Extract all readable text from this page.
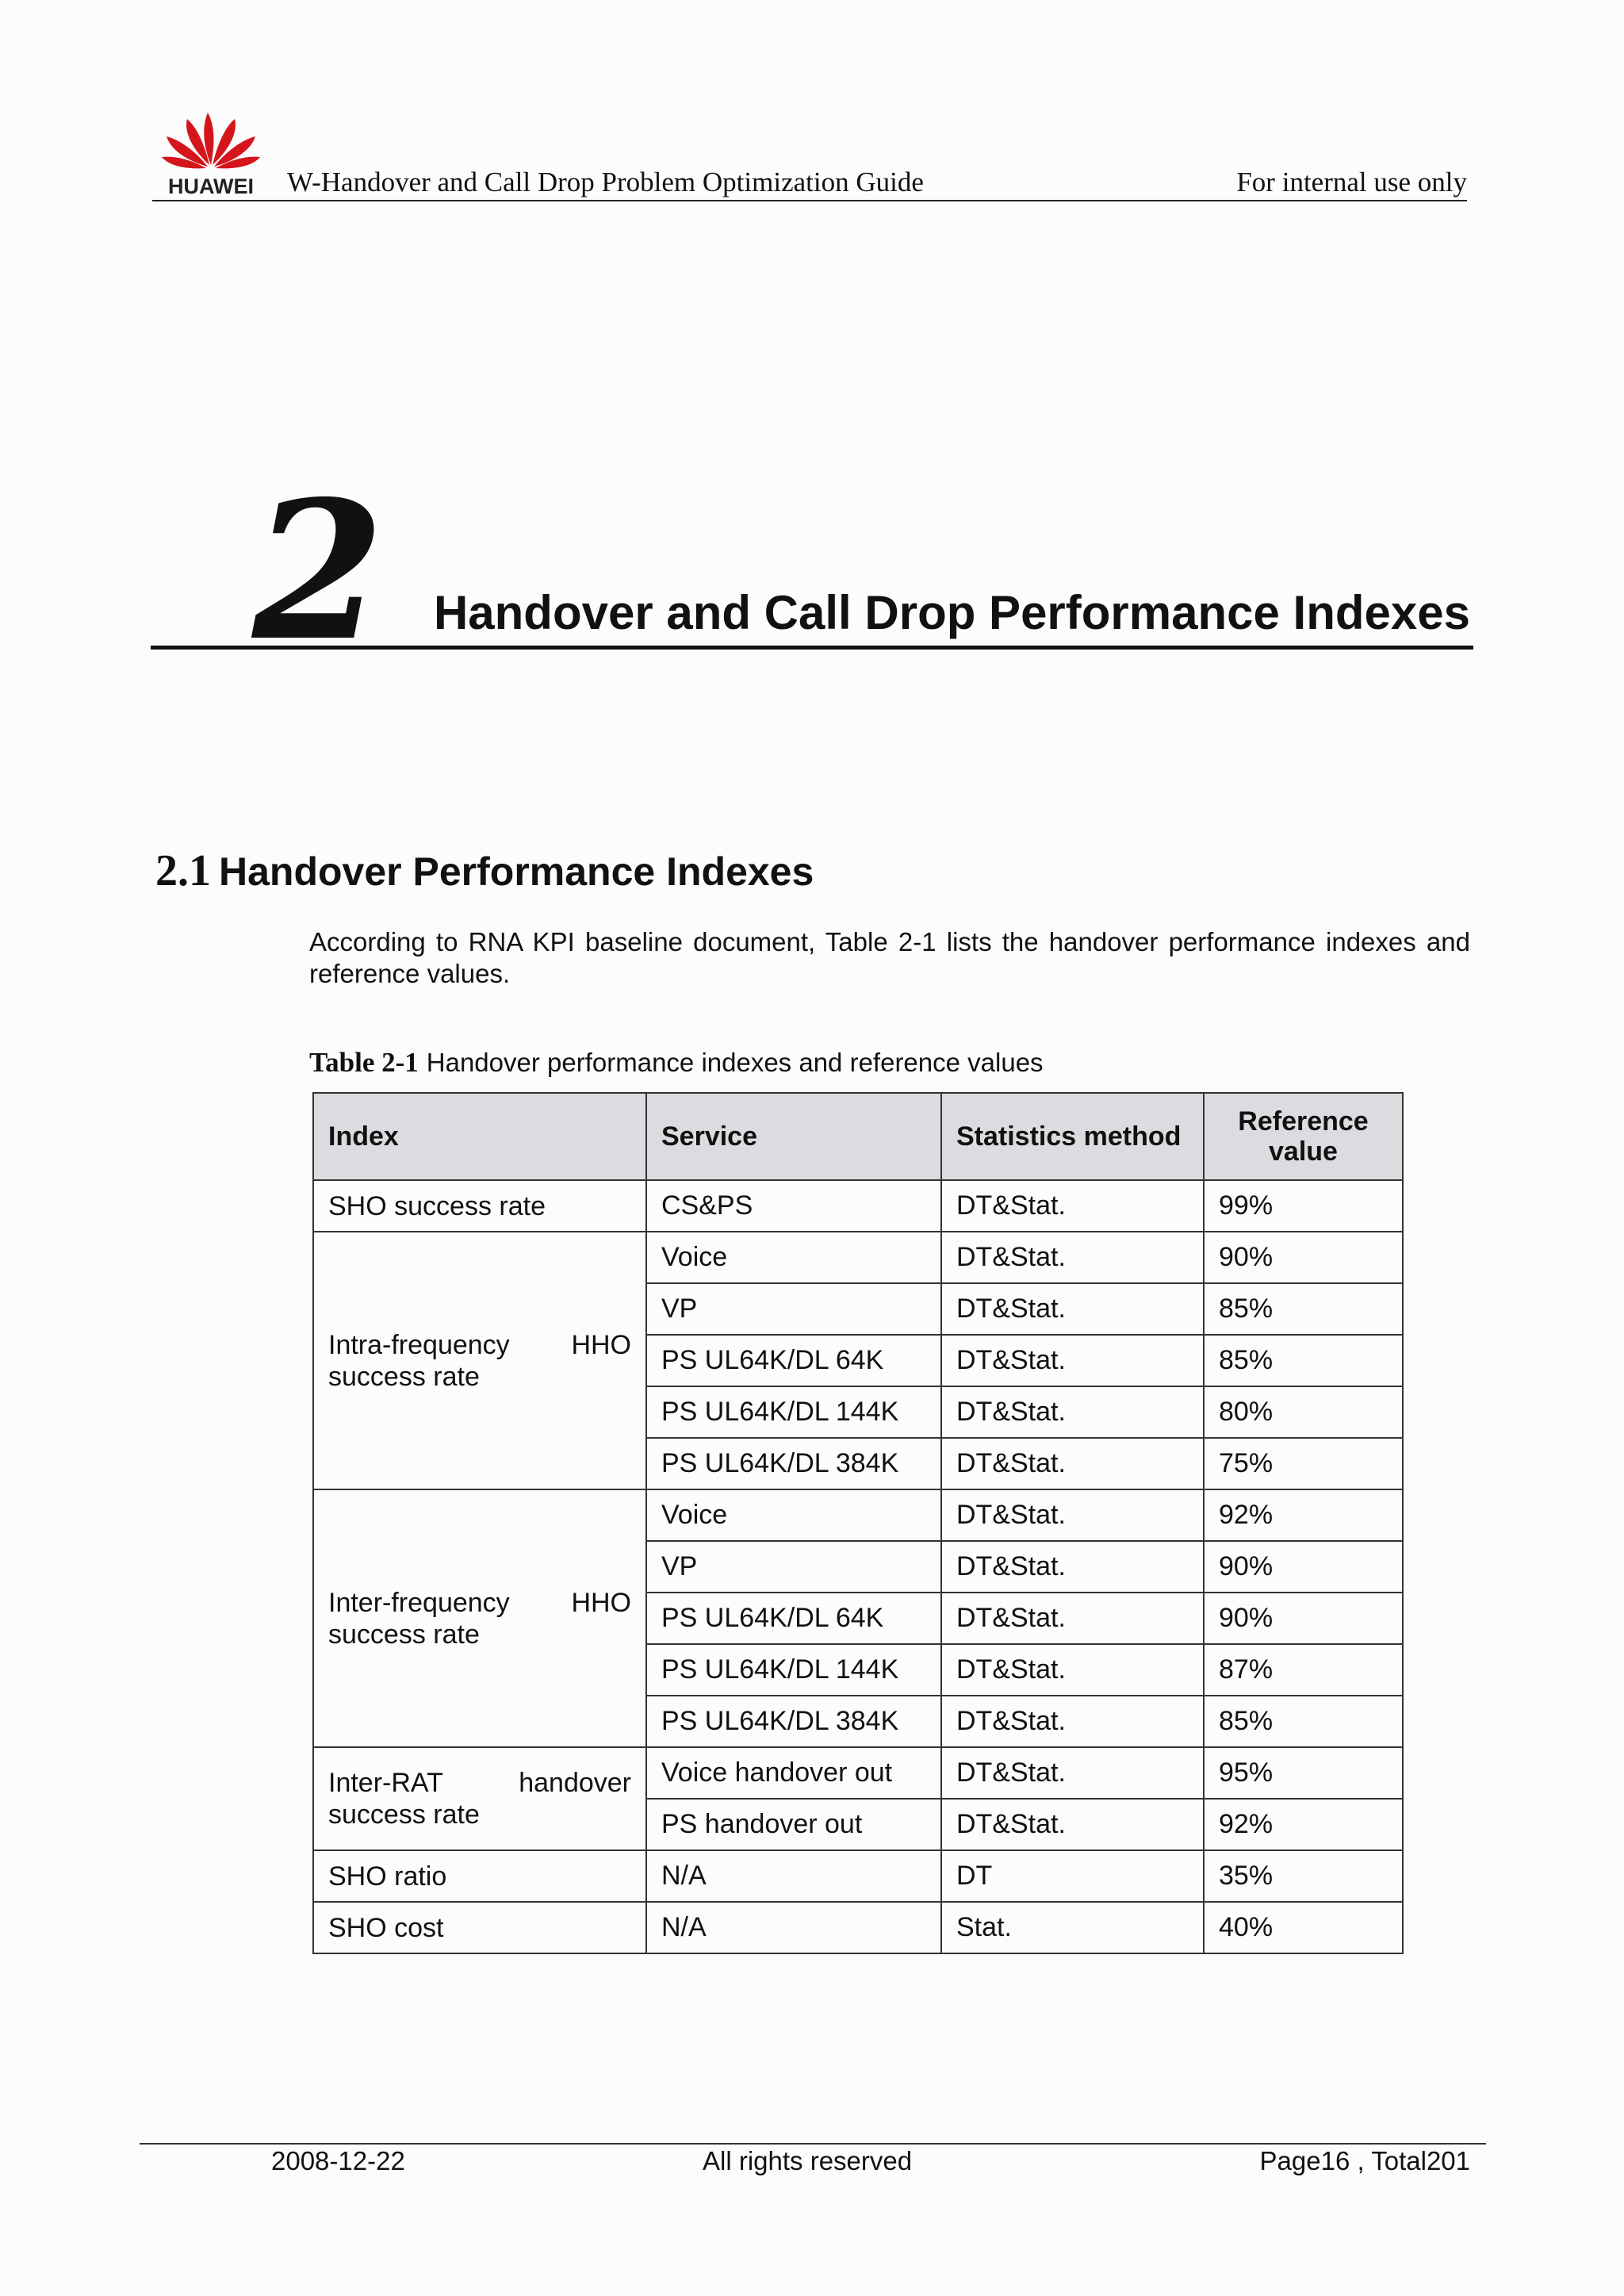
HUAWEI W-Handover and Call Drop Problem Optimization Guide	For internal use only
2 Handover and Call Drop Performance Indexes
2.1 Handover Performance Indexes

According to RNA KPI baseline document, Table 2-1 lists the handover performance indexes and reference values.

Table 2-1 Handover performance indexes and reference values
Index	Service	Statistics method	Reference value
SHO success rate	CS&PS	DT&Stat.	99%
Intra-frequency HHO success rate	Voice	DT&Stat.	90%
	VP	DT&Stat.	85%
	PS UL64K/DL 64K	DT&Stat.	85%
	PS UL64K/DL 144K	DT&Stat.	80%
	PS UL64K/DL 384K	DT&Stat.	75%
Inter-frequency HHO success rate	Voice	DT&Stat.	92%
	VP	DT&Stat.	90%
	PS UL64K/DL 64K	DT&Stat.	90%
	PS UL64K/DL 144K	DT&Stat.	87%
	PS UL64K/DL 384K	DT&Stat.	85%
Inter-RAT handover success rate	Voice handover out	DT&Stat.	95%
	PS handover out	DT&Stat.	92%
SHO ratio	N/A	DT	35%
SHO cost	N/A	Stat.	40%
2008-12-22	All rights reserved	Page16 , Total201
